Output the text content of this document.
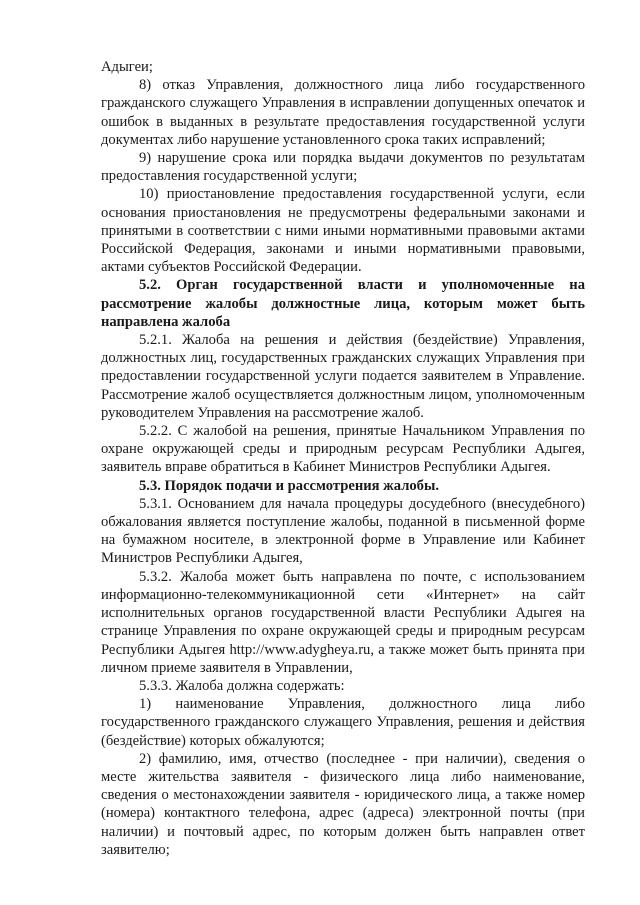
Адыгеи;

8) отказ Управления, должностного лица либо государственного гражданского служащего Управления в исправлении допущенных опечаток и ошибок в выданных в результате предоставления государственной услуги документах либо нарушение установленного срока таких исправлений;

9) нарушение срока или порядка выдачи документов по результатам предоставления государственной услуги;

10) приостановление предоставления государственной услуги, если основания приостановления не предусмотрены федеральными законами и принятыми в соответствии с ними иными нормативными правовыми актами Российской Федерация, законами и иными нормативными правовыми, актами субъектов Российской Федерации.

5.2. Орган государственной власти и уполномоченные на рассмотрение жалобы должностные лица, которым может быть направлена жалоба

5.2.1. Жалоба на решения и действия (бездействие) Управления, должностных лиц, государственных гражданских служащих Управления при предоставлении государственной услуги подается заявителем в Управление. Рассмотрение жалоб осуществляется должностным лицом, уполномоченным руководителем Управления на рассмотрение жалоб.

5.2.2. С жалобой на решения, принятые Начальником Управления по охране окружающей среды и природным ресурсам Республики Адыгея, заявитель вправе обратиться в Кабинет Министров Республики Адыгея.

5.3. Порядок подачи и рассмотрения жалобы.

5.3.1. Основанием для начала процедуры досудебного (внесудебного) обжалования является поступление жалобы, поданной в письменной форме на бумажном носителе, в электронной форме в Управление или Кабинет Министров Республики Адыгея,

5.3.2. Жалоба может быть направлена по почте, с использованием информационно-телекоммуникационной сети «Интернет» на сайт исполнительных органов государственной власти Республики Адыгея на странице Управления по охране окружающей среды и природным ресурсам Республики Адыгея http://www.adygheya.ru, а также может быть принята при личном приеме заявителя в Управлении,

5.3.3. Жалоба должна содержать:

1) наименование Управления, должностного лица либо государственного гражданского служащего Управления, решения и действия (бездействие) которых обжалуются;

2) фамилию, имя, отчество (последнее - при наличии), сведения о месте жительства заявителя - физического лица либо наименование, сведения о местонахождении заявителя - юридического лица, а также номер (номера) контактного телефона, адрес (адреса) электронной почты (при наличии) и почтовый адрес, по которым должен быть направлен ответ заявителю;
